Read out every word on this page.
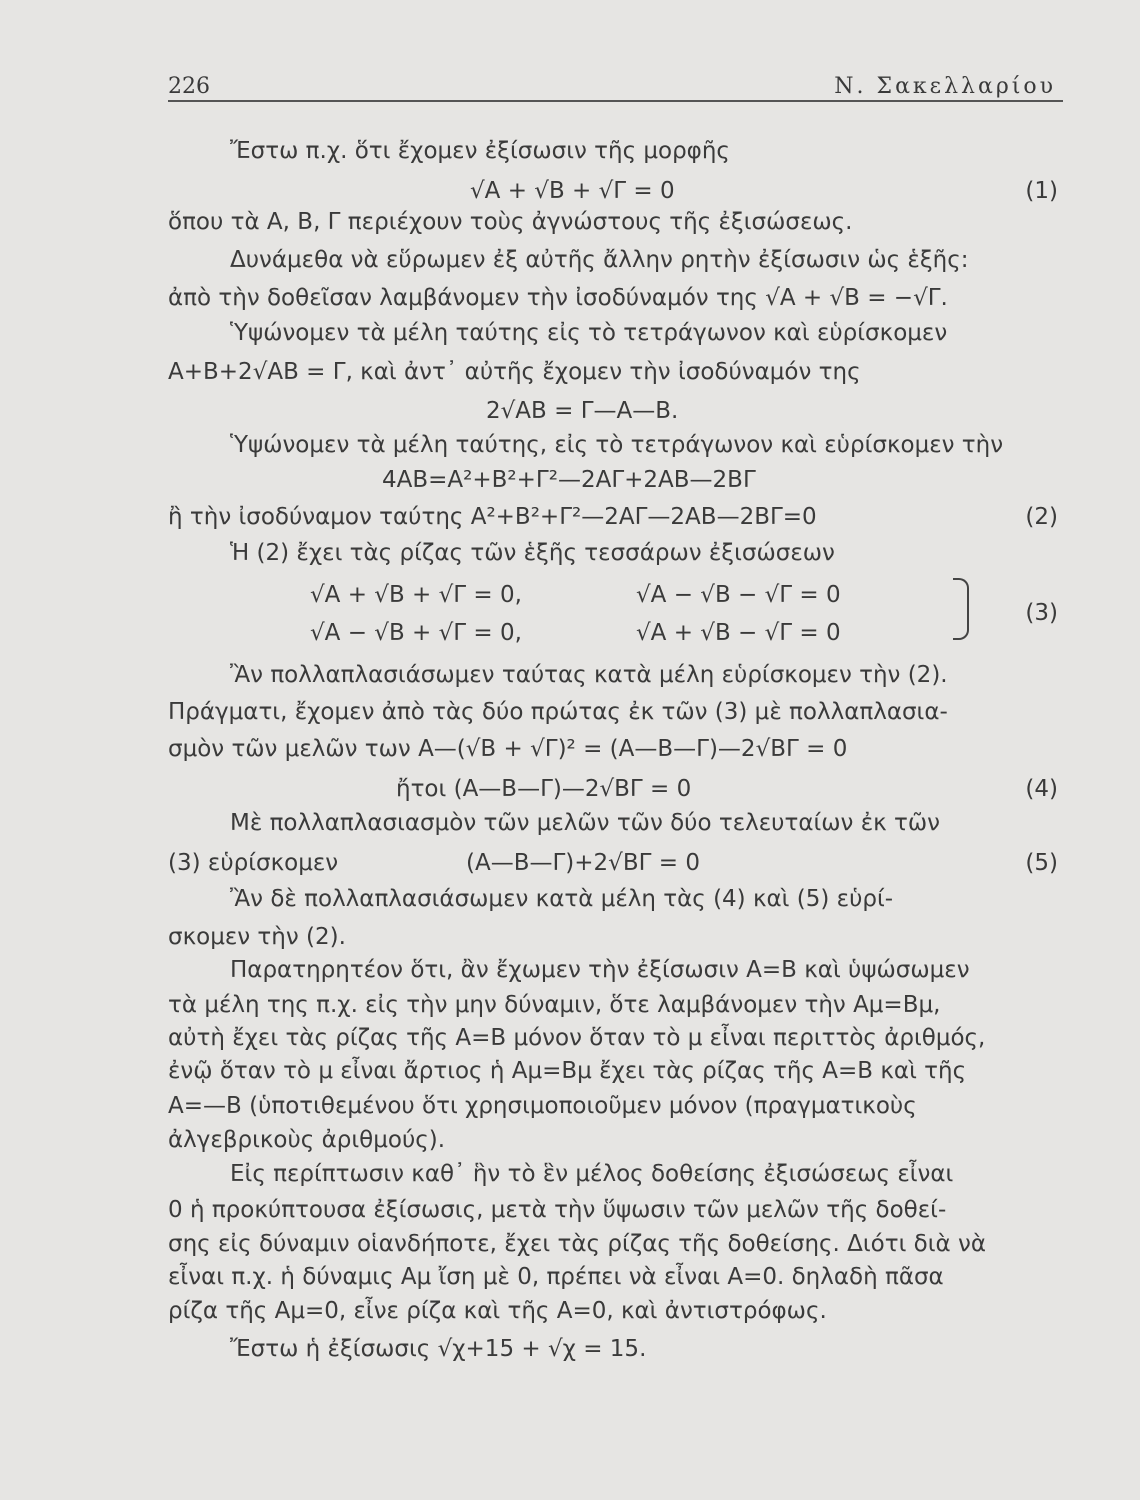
226	Ν. Σακελλαρίου
Ἔστω π.χ. ὅτι ἔχομεν ἐξίσωσιν τῆς μορφῆς
√Α + √Β + √Γ = 0	(1)
ὅπου τὰ Α, Β, Γ περιέχουν τοὺς ἀγνώστους τῆς ἐξισώσεως.
Δυνάμεθα νὰ εὕρωμεν ἐξ αὐτῆς ἄλλην ρητὴν ἐξίσωσιν ὡς ἑξῆς:
ἀπὸ τὴν δοθεῖσαν λαμβάνομεν τὴν ἰσοδύναμόν της √Α + √Β = −√Γ.
Ὑψώνομεν τὰ μέλη ταύτης εἰς τὸ τετράγωνον καὶ εὑρίσκομεν
Α+Β+2√ΑΒ = Γ, καὶ ἀντ᾽ αὐτῆς ἔχομεν τὴν ἰσοδύναμόν της
2√ΑΒ = Γ—Α—Β.
Ὑψώνομεν τὰ μέλη ταύτης, εἰς τὸ τετράγωνον καὶ εὑρίσκομεν τὴν
4ΑΒ=Α²+Β²+Γ²—2ΑΓ+2ΑΒ—2ΒΓ
ἢ τὴν ἰσοδύναμον ταύτης Α²+Β²+Γ²—2ΑΓ—2ΑΒ—2ΒΓ=0	(2)
Ἡ (2) ἔχει τὰς ρίζας τῶν ἑξῆς τεσσάρων ἐξισώσεων
√Α + √Β + √Γ = 0,	√Α − √Β − √Γ = 0
√Α − √Β + √Γ = 0,	√Α + √Β − √Γ = 0
(3)
Ἂν πολλαπλασιάσωμεν ταύτας κατὰ μέλη εὑρίσκομεν τὴν (2).
Πράγματι, ἔχομεν ἀπὸ τὰς δύο πρώτας ἐκ τῶν (3) μὲ πολλαπλασια-
σμὸν τῶν μελῶν των Α—(√Β + √Γ)² = (Α—Β—Γ)—2√ΒΓ = 0
ἤτοι (Α—Β—Γ)—2√ΒΓ = 0	(4)
Μὲ πολλαπλασιασμὸν τῶν μελῶν τῶν δύο τελευταίων ἐκ τῶν
(3) εὑρίσκομεν	(Α—Β—Γ)+2√ΒΓ = 0	(5)
Ἂν δὲ πολλαπλασιάσωμεν κατὰ μέλη τὰς (4) καὶ (5) εὑρί-
σκομεν τὴν (2).
Παρατηρητέον ὅτι, ἂν ἔχωμεν τὴν ἐξίσωσιν Α=Β καὶ ὑψώσωμεν
τὰ μέλη της π.χ. εἰς τὴν μην δύναμιν, ὅτε λαμβάνομεν τὴν Αμ=Βμ,
αὐτὴ ἔχει τὰς ρίζας τῆς Α=Β μόνον ὅταν τὸ μ εἶναι περιττὸς ἀριθμός,
ἐνῷ ὅταν τὸ μ εἶναι ἄρτιος ἡ Αμ=Βμ ἔχει τὰς ρίζας τῆς Α=Β καὶ τῆς
Α=—Β (ὑποτιθεμένου ὅτι χρησιμοποιοῦμεν μόνον (πραγματικοὺς
ἀλγεβρικοὺς ἀριθμούς).
Εἰς περίπτωσιν καθ᾽ ἣν τὸ ἓν μέλος δοθείσης ἐξισώσεως εἶναι
0 ἡ προκύπτουσα ἐξίσωσις, μετὰ τὴν ὕψωσιν τῶν μελῶν τῆς δοθεί-
σης εἰς δύναμιν οἱανδήποτε, ἔχει τὰς ρίζας τῆς δοθείσης. Διότι διὰ νὰ
εἶναι π.χ. ἡ δύναμις Αμ ἴση μὲ 0, πρέπει νὰ εἶναι Α=0. δηλαδὴ πᾶσα
ρίζα τῆς Αμ=0, εἶνε ρίζα καὶ τῆς Α=0, καὶ ἀντιστρόφως.
Ἔστω ἡ ἐξίσωσις √χ+15 + √χ = 15.
